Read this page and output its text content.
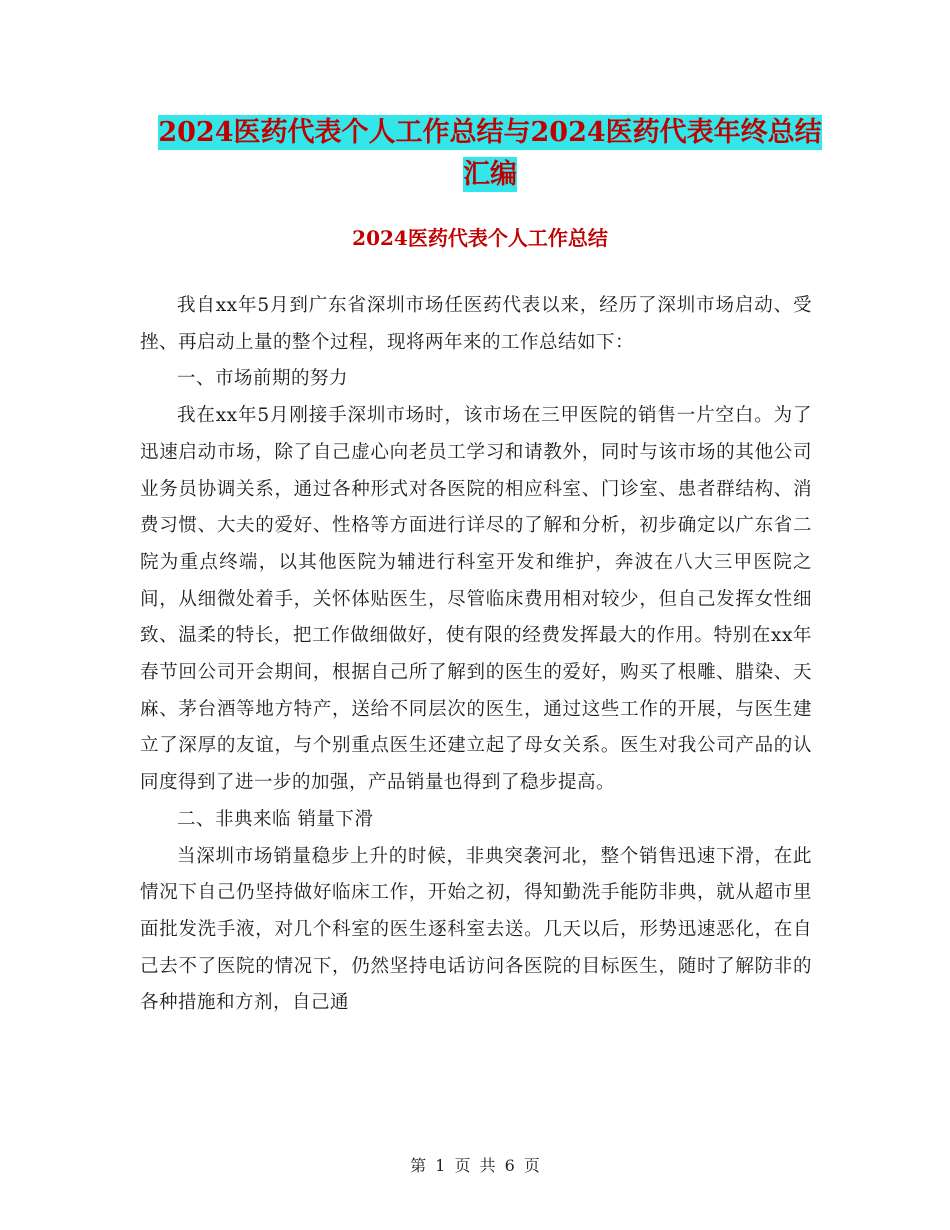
2024医药代表个人工作总结与2024医药代表年终总结
汇编
2024医药代表个人工作总结

我自xx年5月到广东省深圳市场任医药代表以来，经历了深圳市场启动、受挫、再启动上量的整个过程，现将两年来的工作总结如下：

一、市场前期的努力

我在xx年5月刚接手深圳市场时，该市场在三甲医院的销售一片空白。为了迅速启动市场，除了自己虚心向老员工学习和请教外，同时与该市场的其他公司业务员协调关系，通过各种形式对各医院的相应科室、门诊室、患者群结构、消费习惯、大夫的爱好、性格等方面进行详尽的了解和分析，初步确定以广东省二院为重点终端，以其他医院为辅进行科室开发和维护，奔波在八大三甲医院之间，从细微处着手，关怀体贴医生，尽管临床费用相对较少，但自己发挥女性细致、温柔的特长，把工作做细做好，使有限的经费发挥最大的作用。特别在xx年春节回公司开会期间，根据自己所了解到的医生的爱好，购买了根雕、腊染、天麻、茅台酒等地方特产，送给不同层次的医生，通过这些工作的开展，与医生建立了深厚的友谊，与个别重点医生还建立起了母女关系。医生对我公司产品的认同度得到了进一步的加强，产品销量也得到了稳步提高。

二、非典来临 销量下滑

当深圳市场销量稳步上升的时候，非典突袭河北，整个销售迅速下滑，在此情况下自己仍坚持做好临床工作，开始之初，得知勤洗手能防非典，就从超市里面批发洗手液，对几个科室的医生逐科室去送。几天以后，形势迅速恶化，在自己去不了医院的情况下，仍然坚持电话访问各医院的目标医生，随时了解防非的各种措施和方剂，自己通

第 1 页 共 6 页
